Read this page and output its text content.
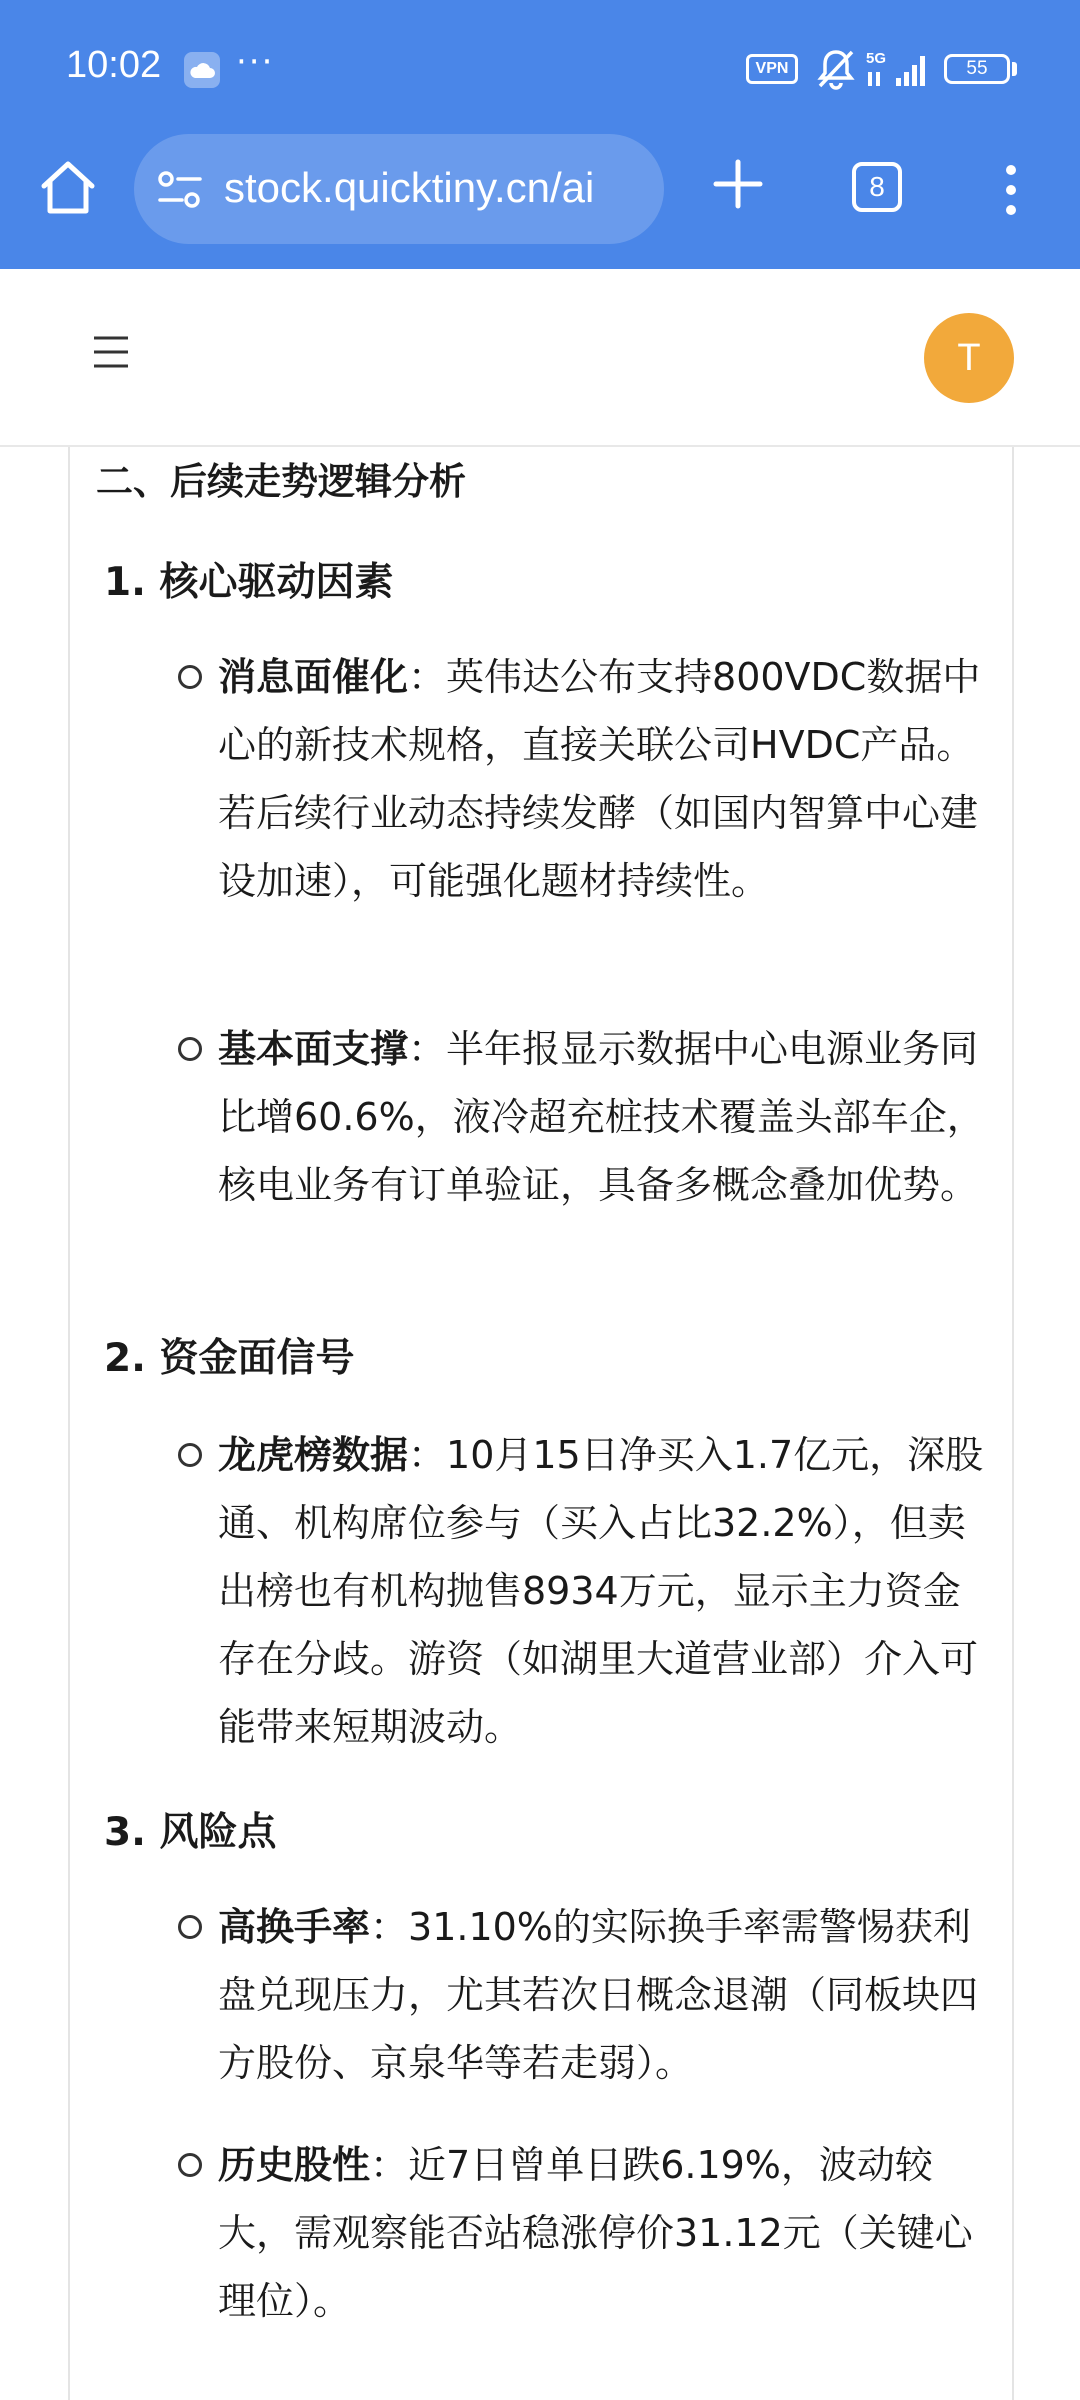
10:02 ···	VPN
5G	55
stock.quicktiny.cn/ai	8
T
二、后续走势逻辑分析
1. 核心驱动因素
消息面催化：英伟达公布支持800VDC数据中心的新技术规格，直接关联公司HVDC产品。若后续行业动态持续发酵（如国内智算中心建设加速），可能强化题材持续性。
基本面支撑：半年报显示数据中心电源业务同比增60.6%，液冷超充桩技术覆盖头部车企，核电业务有订单验证，具备多概念叠加优势。
2. 资金面信号
龙虎榜数据：10月15日净买入1.7亿元，深股通、机构席位参与（买入占比32.2%），但卖出榜也有机构抛售8934万元，显示主力资金存在分歧。游资（如湖里大道营业部）介入可能带来短期波动。
3. 风险点
高换手率：31.10%的实际换手率需警惕获利盘兑现压力，尤其若次日概念退潮（同板块四方股份、京泉华等若走弱）。
历史股性：近7日曾单日跌6.19%，波动较大，需观察能否站稳涨停价31.12元（关键心理位）。
